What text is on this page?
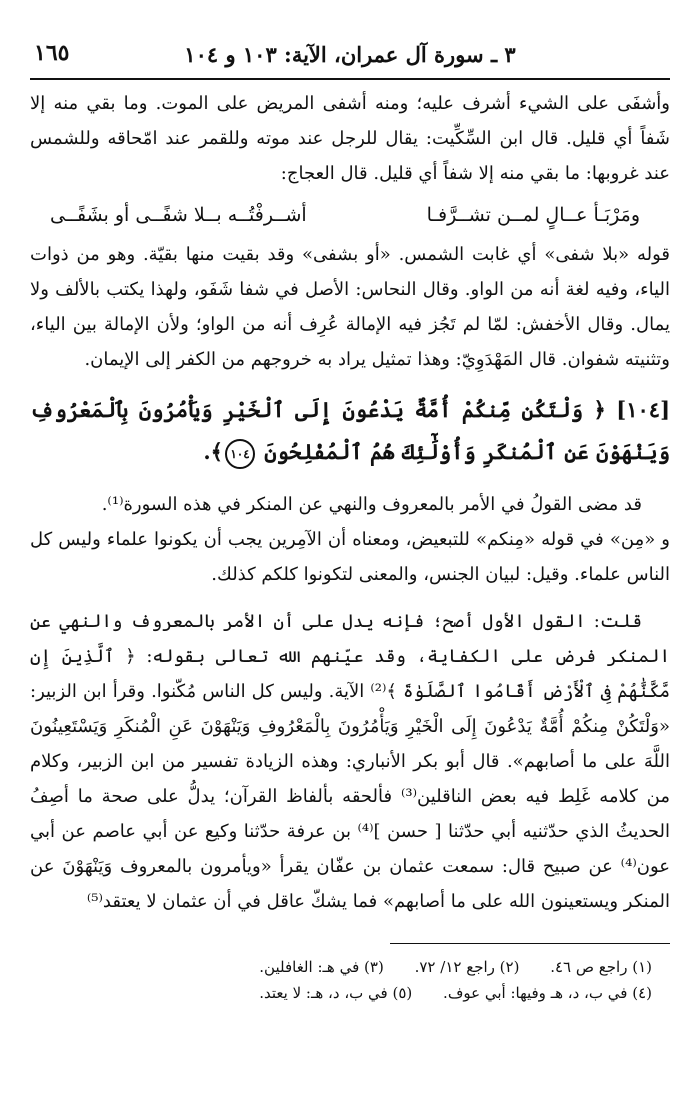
٣ ـ سورة آل عمران، الآية: ١٠٣ و ١٠٤
١٦٥

وأشفَى على الشيء أشرف عليه؛ ومنه أشفى المريض على الموت. وما بقي منه إلا شَفاً أي قليل. قال ابن السِّكِّيت: يقال للرجل عند موته وللقمر عند امّحاقه وللشمس عند غروبها: ما بقي منه إلا شفاً أي قليل. قال العجاج:

ومَرْبَـأ عــالٍ لمــن تشــرَّفـا
أشــرفْتُــه بــلا شفًــى أو بشَفًــى

قوله «بلا شفى» أي غابت الشمس. «أو بشفى» وقد بقيت منها بقيّة. وهو من ذوات الياء، وفيه لغة أنه من الواو. وقال النحاس: الأصل في شفا شَفَو، ولهذا يكتب بالألف ولا يمال. وقال الأخفش: لمّا لم تَجُز فيه الإمالة عُرِف أنه من الواو؛ ولأن الإمالة بين الياء، وتثنيته شفوان. قال المَهْدَوِيّ: وهذا تمثيل يراد به خروجهم من الكفر إلى الإيمان.

[١٠٤] ﴿ وَلْتَكُن مِّنكُمْ أُمَّةٌ يَدْعُونَ إِلَى ٱلْخَيْرِ وَيَأْمُرُونَ بِٱلْمَعْرُوفِ وَيَنْهَوْنَ عَنِ ٱلْمُنكَرِ وَأُوْلَٰٓئِكَ هُمُ ٱلْمُفْلِحُونَ ١٠٤﴾.

قد مضى القولُ في الأمر بالمعروف والنهي عن المنكر في هذه السورة⁽¹⁾.

و «مِن» في قوله «مِنكم» للتبعيض، ومعناه أن الآمِرين يجب أن يكونوا علماء وليس كل الناس علماء. وقيل: لبيان الجنس، والمعنى لتكونوا كلكم كذلك.

قلت: القول الأول أصح؛ فإنه يدل على أن الأمر بالمعروف والنهي عن المنكر فرض على الكفاية، وقد عيّنهم الله تعالى بقوله: ﴿ ٱلَّذِينَ إِن مَّكَّنَّٰهُمْ فِى ٱلْأَرْضِ أَقَامُوا ٱلصَّلَوٰةَ ﴾⁽²⁾ الآية. وليس كل الناس مُكّنوا. وقرأ ابن الزبير: «وَلْتَكُنْ مِنكُمْ أُمَّةٌ يَدْعُونَ إِلَى الْخَيْرِ وَيَأْمُرُونَ بِالْمَعْرُوفِ وَيَنْهَوْنَ عَنِ الْمُنكَرِ وَيَسْتَعِينُونَ اللَّهَ على ما أصابهم». قال أبو بكر الأنباري: وهذه الزيادة تفسير من ابن الزبير، وكلام من كلامه غَلِط فيه بعض الناقلين⁽³⁾ فألحقه بألفاظ القرآن؛ يدلُّ على صحة ما أصِفُ الحديثُ الذي حدّثنيه أبي حدّثنا [ حسن ]⁽⁴⁾ بن عرفة حدّثنا وكيع عن أبي عاصم عن أبي عون⁽⁴⁾ عن صبيح قال: سمعت عثمان بن عفّان يقرأ «ويأمرون بالمعروف وَيَنْهَوْنَ عن المنكر ويستعينون الله على ما أصابهم» فما يشكّ عاقل في أن عثمان لا يعتقد⁽⁵⁾

(١) راجع ص ٤٦. (٢) راجع ١٢/ ٧٢. (٣) في هـ: الغافلين.
(٤) في ب، د، هـ وفيها: أبي عوف. (٥) في ب، د، هـ: لا يعتد.
